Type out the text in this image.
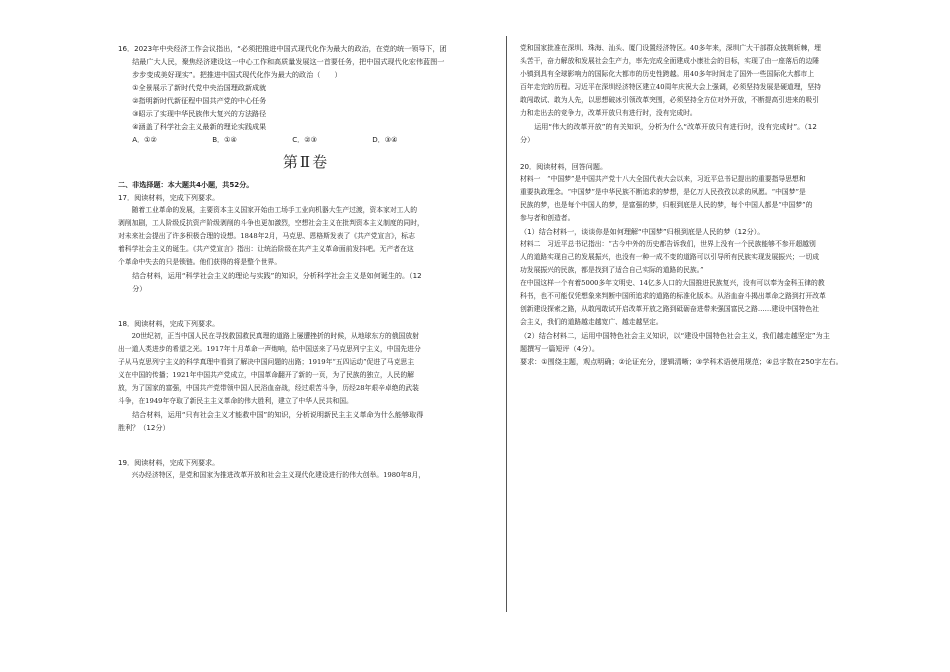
16．2023年中央经济工作会议指出，“必须把推进中国式现代化作为最大的政治，在党的统一领导下，团

结最广大人民，聚焦经济建设这一中心工作和高质量发展这一首要任务，把中国式现代化宏伟蓝图一

步步变成美好现实”。把推进中国式现代化作为最大的政治（　　）

①全景展示了新时代党中央治国理政新成就

②指明新时代新征程中国共产党的中心任务

③昭示了实现中华民族伟大复兴的方法路径

④涵盖了科学社会主义最新的理论实践成果

A．①②	B．①④	C．②③	D．③④
第Ⅱ卷

二、非选择题：本大题共4小题，共52分。

17．阅读材料，完成下列要求。

随着工业革命的发展，主要资本主义国家开始由工场手工业向机器大生产过渡，资本家对工人的

剥削加剧，工人阶级反抗资产阶级剥削的斗争也更加激烈，空想社会主义在批判资本主义制度的同时，

对未来社会提出了许多积极合理的设想。1848年2月，马克思、恩格斯发表了《共产党宣言》，标志

着科学社会主义的诞生。《共产党宣言》指出：让统治阶级在共产主义革命面前发抖吧。无产者在这

个革命中失去的只是锁链。他们获得的将是整个世界。

结合材料，运用“科学社会主义的理论与实践”的知识，分析科学社会主义是如何诞生的。（12

分）

18．阅读材料，完成下列要求。

20世纪初，正当中国人民在寻找救国救民真理的道路上屡遭挫折的时候，从地球东方的俄国放射

出一道人类进步的希望之光。1917年十月革命一声炮响，给中国送来了马克思列宁主义，中国先进分

子从马克思列宁主义的科学真理中看到了解决中国问题的出路；1919年“五四运动”促进了马克思主

义在中国的传播；1921年中国共产党成立，中国革命翻开了新的一页，为了民族的独立，人民的解

放，为了国家的富强，中国共产党带领中国人民浴血奋战，经过艰苦斗争，历经28年艰辛卓绝的武装

斗争，在1949年夺取了新民主主义革命的伟大胜利，建立了中华人民共和国。

结合材料，运用“只有社会主义才能救中国”的知识，分析说明新民主主义革命为什么能够取得

胜利？（12分）

19．阅读材料，完成下列要求。

兴办经济特区，是党和国家为推进改革开放和社会主义现代化建设进行的伟大创举。1980年8月，

党和国家批准在深圳、珠海、汕头、厦门设置经济特区。40多年来，深圳广大干部群众披荆斩棘，埋

头苦干，奋力解放和发展社会生产力，率先完成全面建成小康社会的目标，实现了由一座落后的边陲

小镇到具有全球影响力的国际化大都市的历史性跨越。用40多年时间走了国外一些国际化大都市上

百年走完的历程。习近平在深圳经济特区建立40周年庆祝大会上强调，必须坚持发展是硬道理，坚持

敢闯敢试、敢为人先，以思想破冰引领改革突围，必须坚持全方位对外开放，不断提高引进来的吸引

力和走出去的竞争力，改革开放只有进行时，没有完成时。

运用“伟大的改革开放”的有关知识，分析为什么“改革开放只有进行时，没有完成时”。（12

分）

20．阅读材料，回答问题。

材料一　“中国梦”是中国共产党十八大全国代表大会以来，习近平总书记提出的重要指导思想和

重要执政理念。“中国梦”是中华民族不断追求的梦想，是亿万人民孜孜以求的夙愿。“中国梦”是

民族的梦，也是每个中国人的梦，是富强的梦，归根到底是人民的梦，每个中国人都是“中国梦”的

参与者和创造者。

（1）结合材料一，谈谈你是如何理解“中国梦”归根到底是人民的梦（12分）。

材料二　习近平总书记指出：“古今中外的历史都告诉我们，世界上没有一个民族能够不参开超越别

人的道路实现自己的发展振兴，也没有一种一成不变的道路可以引导所有民族实现发展振兴；一切成

功发展振兴的民族，都是找到了适合自己实际的道路的民族。”

在中国这样一个有着5000多年文明史、14亿多人口的大国推进民族复兴，没有可以奉为金科玉律的教

科书，也不可能仅凭想象来判断中国所追求的道路的标准化版本。从浴血奋斗揭出革命之路到打开改革

创新建设探索之路，从敢闯敢试开启改革开放之路到砥砺奋进带来强国富民之路……建设中国特色社

会主义，我们的道路越走越宽广、越走越坚定。

（2）结合材料二，运用中国特色社会主义知识，以“建设中国特色社会主义，我们越走越坚定”为主

题撰写一篇短评（4分）。

要求：①围绕主题，观点明确；②论证充分，逻辑清晰；③学科术语使用规范；④总字数在250字左右。
